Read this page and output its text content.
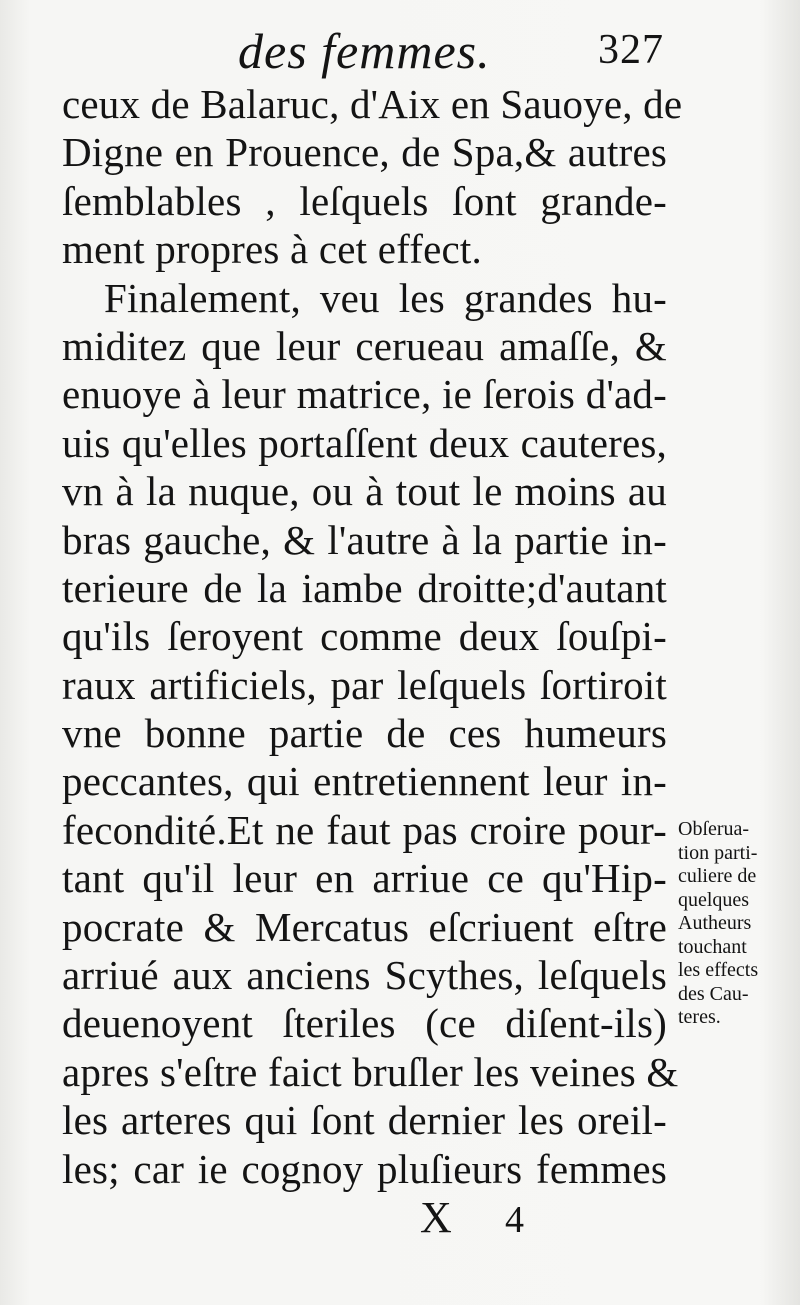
des femmes.	327
ceux de Balaruc, d'Aix en Sauoye, de
Digne en Prouence, de Spa,& autres
ſemblables , leſquels ſont grande-
ment propres à cet effect.
Finalement, veu les grandes hu-
miditez que leur cerueau amaſſe, &
enuoye à leur matrice, ie ſerois d'ad-
uis qu'elles portaſſent deux cauteres,
vn à la nuque, ou à tout le moins au
bras gauche, & l'autre à la partie in-
terieure de la iambe droitte;d'autant
qu'ils ſeroyent comme deux ſouſpi-
raux artificiels, par leſquels ſortiroit
vne bonne partie de ces humeurs
peccantes, qui entretiennent leur in-
fecondité.Et ne faut pas croire pour-
tant qu'il leur en arriue ce qu'Hip-
pocrate & Mercatus eſcriuent eſtre
arriué aux anciens Scythes, leſquels
deuenoyent ſteriles (ce diſent-ils)
apres s'eſtre faict bruſler les veines &
les arteres qui ſont dernier les oreil-
les; car ie cognoy pluſieurs femmes
Obſerua-
tion parti-
culiere de
quelques
Autheurs
touchant
les effects
des Cau-
teres.
X 4
